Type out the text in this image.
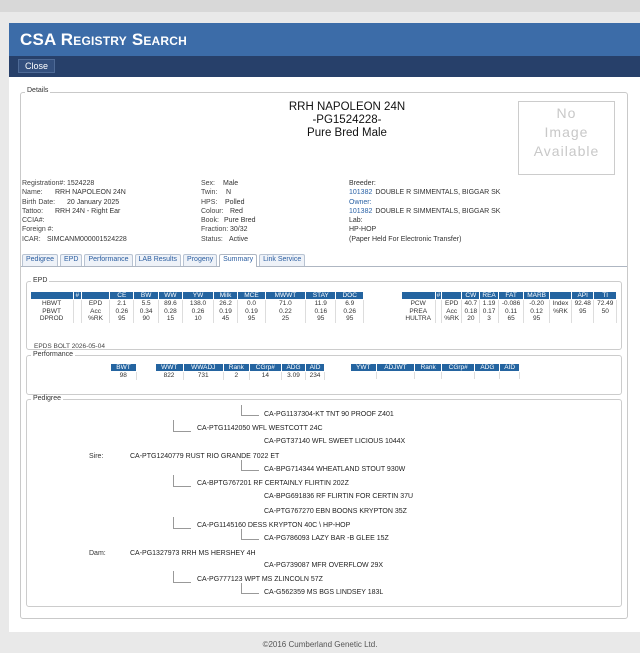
CSA Registry Search
Close
Details
RRH NAPOLEON 24N
-PG1524228-
Pure Bred Male
No
Image
Available
Registration#: 1524228
Name:	RRH NAPOLEON 24N
Birth Date:	20 January 2025
Tattoo:	RRH 24N - Right Ear
CCIA#:
Foreign #:
ICAR: SIMCANM000001524228
Sex:	Male
Twin:	N
HPS:	Polled
Colour: Red
Book: Pure Bred
Fraction: 30/32
Status: Active
Breeder:
101382 DOUBLE R SIMMENTALS, BIGGAR SK
Owner:
101382 DOUBLE R SIMMENTALS, BIGGAR SK
Lab:
HP-HOP
(Paper Held For Electronic Transfer)
Pedigree	EPD	Performance	LAB Results	Progeny	Summary	Link Service
EPD
	#		CE	BW	WW	YW	Milk	MCE	MWWT	STAY	DOC
HBWT		EPD	2.1	5.5	89.6	138.0	26.2	0.0	71.0	11.9	6.9
PBWT		Acc	0.26	0.34	0.28	0.26	0.19	0.19	0.22	0.16	0.26
DPROD		%RK	95	90	15	10	45	95	25	95	95
	#		CW	REA	FAT	MARB		API	TI
PCW		EPD	40.7	1.19	-0.086	-0.20	Index	92.48	72.49
PREA		Acc	0.18	0.17	0.11	0.12	%RK	95	50
HULTRA		%RK	20	3	65	95			
EPDS BOLT 2026-05-04
Performance
BWT
98
WWT	WWADJ	Rank	CGrp#	ADG	AID
822	731	2	14	3.09	234
YWT	ADJWT	Rank	CGrp#	ADG	AID

Pedigree
Sire:
Dam:
CA-PTG1240779 RUST RIO GRANDE 7022 ET
CA-PG1327973 RRH MS HERSHEY 4H
CA-PTG1142050 WFL WESTCOTT 24C
CA-BPTG767201 RF CERTAINLY FLIRTIN 202Z
CA-PG1145160 DESS KRYPTON 40C \ HP-HOP
CA-PG777123 WPT MS ZLINCOLN 57Z
CA-PG1137304-KT TNT 90 PROOF Z401
CA-PGT37140 WFL SWEET LICIOUS 1044X
CA-BPG714344 WHEATLAND STOUT 930W
CA-BPG691836 RF FLIRTIN FOR CERTIN 37U
CA-PTG767270 EBN BOONS KRYPTON 35Z
CA-PG786093 LAZY BAR -B GLEE 15Z
CA-PG739087 MFR OVERFLOW 29X
CA-G562359 MS BGS LINDSEY 183L
©2016 Cumberland Genetic Ltd.
